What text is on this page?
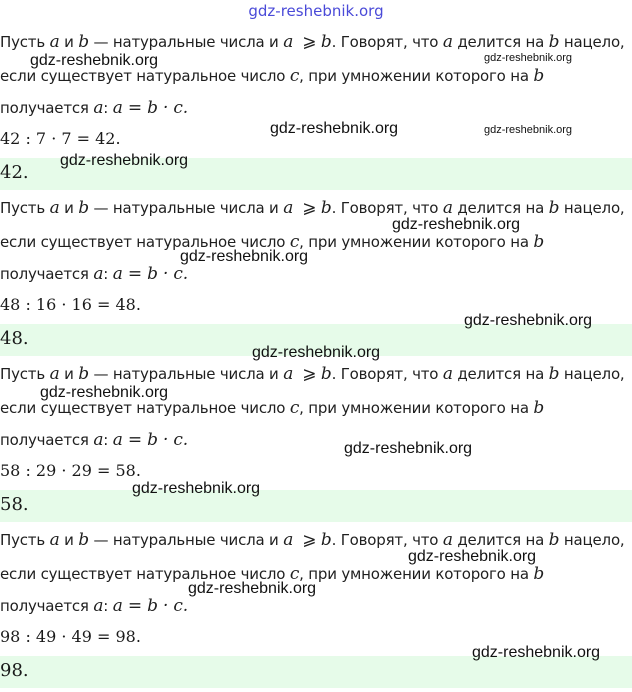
gdz-reshebnik.org
Пусть a и b — натуральные числа и a ⩾ b. Говорят, что a делится на b нацело,
если существует натуральное число c, при умножении которого на b
получается a: a = b · c.
42 : 7 · 7 = 42.
42.
Пусть a и b — натуральные числа и a ⩾ b. Говорят, что a делится на b нацело,
если существует натуральное число c, при умножении которого на b
получается a: a = b · c.
48 : 16 · 16 = 48.
48.
Пусть a и b — натуральные числа и a ⩾ b. Говорят, что a делится на b нацело,
если существует натуральное число c, при умножении которого на b
получается a: a = b · c.
58 : 29 · 29 = 58.
58.
Пусть a и b — натуральные числа и a ⩾ b. Говорят, что a делится на b нацело,
если существует натуральное число c, при умножении которого на b
получается a: a = b · c.
98 : 49 · 49 = 98.
98.
gdz-reshebnik.org	gdz-reshebnik.org
gdz-reshebnik.org	gdz-reshebnik.org
gdz-reshebnik.org
gdz-reshebnik.org
gdz-reshebnik.org
gdz-reshebnik.org
gdz-reshebnik.org
gdz-reshebnik.org
gdz-reshebnik.org
gdz-reshebnik.org
gdz-reshebnik.org
gdz-reshebnik.org
gdz-reshebnik.org
